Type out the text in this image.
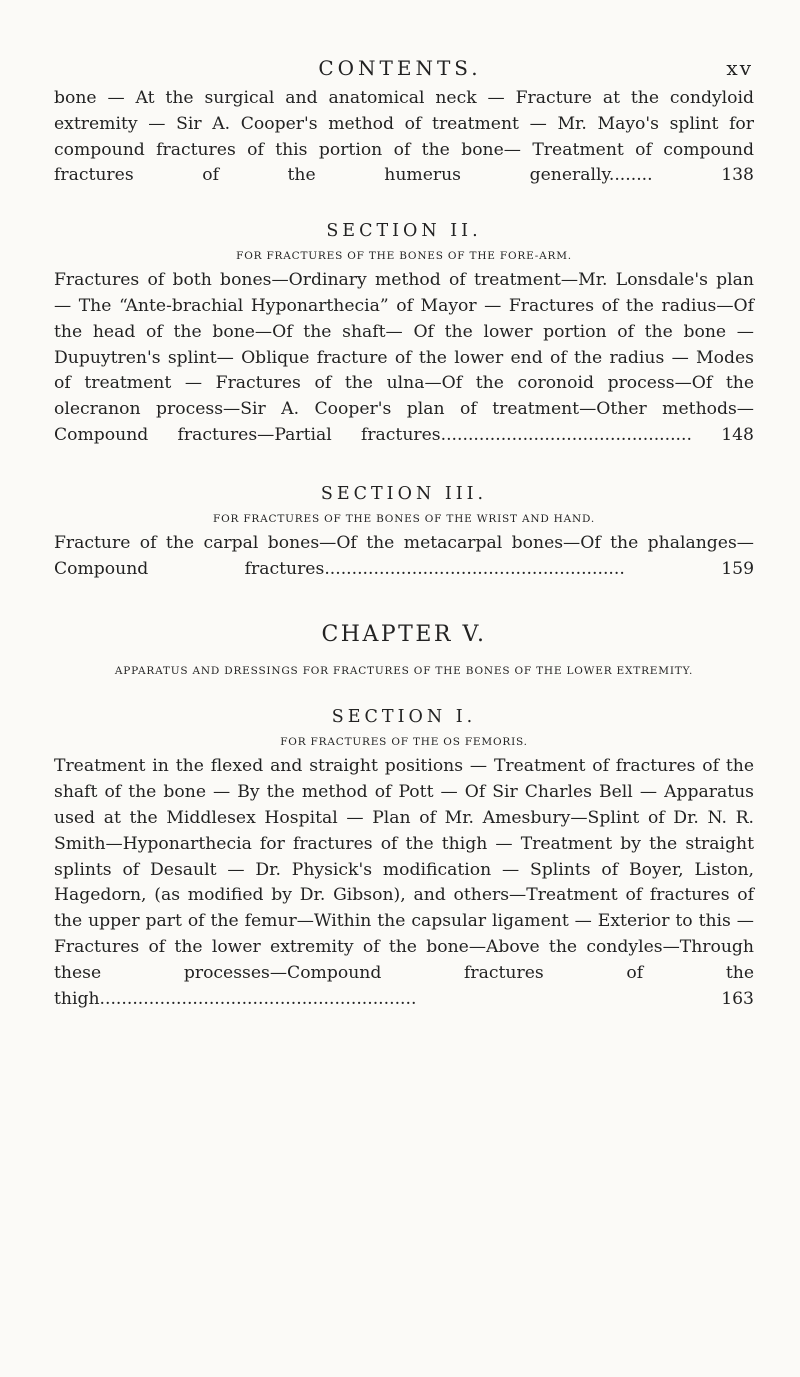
CONTENTS.	xv

bone — At the surgical and anatomical neck — Fracture at the condyloid extremity — Sir A. Cooper's method of treatment — Mr. Mayo's splint for compound fractures of this portion of the bone— Treatment of compound fractures of the humerus generally........	138

SECTION II.
FOR FRACTURES OF THE BONES OF THE FORE-ARM.

Fractures of both bones—Ordinary method of treatment—Mr. Lonsdale's plan — The “Ante-brachial Hyponarthecia” of Mayor — Fractures of the radius—Of the head of the bone—Of the shaft— Of the lower portion of the bone — Dupuytren's splint— Oblique fracture of the lower end of the radius — Modes of treatment — Fractures of the ulna—Of the coronoid process—Of the olecranon process—Sir A. Cooper's plan of treatment—Other methods—Compound fractures—Partial fractures.............................................. 148

SECTION III.
FOR FRACTURES OF THE BONES OF THE WRIST AND HAND.

Fracture of the carpal bones—Of the metacarpal bones—Of the phalanges—Compound fractures.......................................................	159

CHAPTER V.
APPARATUS AND DRESSINGS FOR FRACTURES OF THE BONES OF THE LOWER EXTREMITY.
SECTION I.
FOR FRACTURES OF THE OS FEMORIS.

Treatment in the flexed and straight positions — Treatment of fractures of the shaft of the bone — By the method of Pott — Of Sir Charles Bell — Apparatus used at the Middlesex Hospital — Plan of Mr. Amesbury—Splint of Dr. N. R. Smith—Hyponarthecia for fractures of the thigh — Treatment by the straight splints of Desault — Dr. Physick's modification — Splints of Boyer, Liston, Hagedorn, (as modified by Dr. Gibson), and others—Treatment of fractures of the upper part of the femur—Within the capsular ligament — Exterior to this — Fractures of the lower extremity of the bone—Above the condyles—Through these processes—Compound fractures of the thigh..........................................................	163
